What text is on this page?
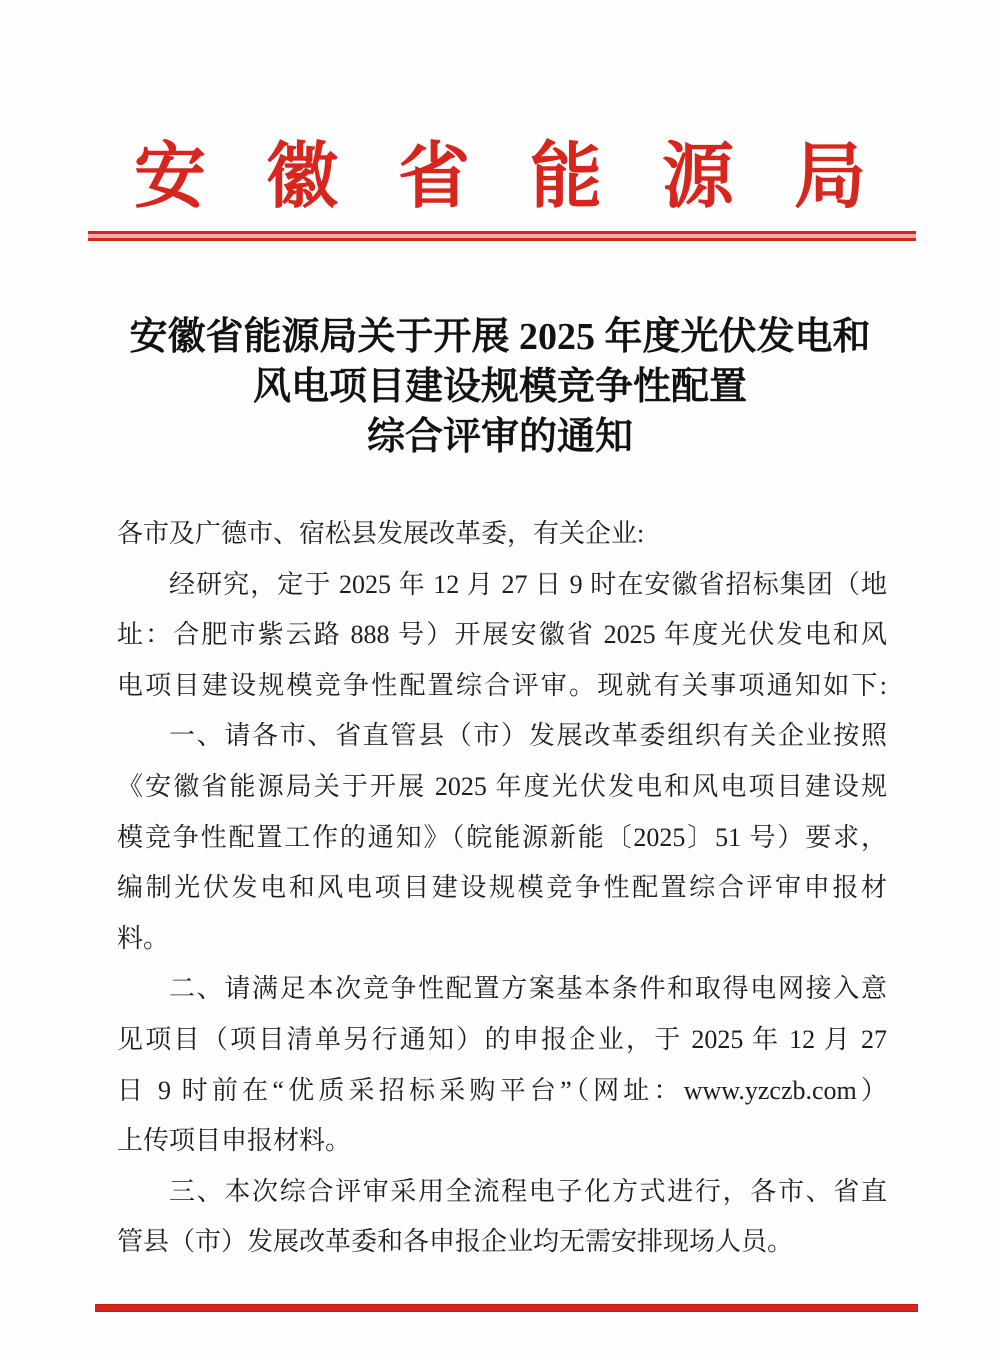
安徽省能源局
安徽省能源局关于开展 2025 年度光伏发电和
风电项目建设规模竞争性配置
综合评审的通知
各市及广德市、宿松县发展改革委，有关企业:
经研究，定于 2025 年 12 月 27 日 9 时在安徽省招标集团（地
址：合肥市紫云路 888 号）开展安徽省 2025 年度光伏发电和风
电项目建设规模竞争性配置综合评审。现就有关事项通知如下:
一、请各市、省直管县（市）发展改革委组织有关企业按照
《安徽省能源局关于开展 2025 年度光伏发电和风电项目建设规
模竞争性配置工作的通知》（皖能源新能〔2025〕51 号）要求，
编制光伏发电和风电项目建设规模竞争性配置综合评审申报材
料。
二、请满足本次竞争性配置方案基本条件和取得电网接入意
见项目（项目清单另行通知）的申报企业，于 2025 年 12 月 27
日 9 时前在“优质采招标采购平台”（网址：www.yzczb.com）
上传项目申报材料。
三、本次综合评审采用全流程电子化方式进行，各市、省直
管县（市）发展改革委和各申报企业均无需安排现场人员。
